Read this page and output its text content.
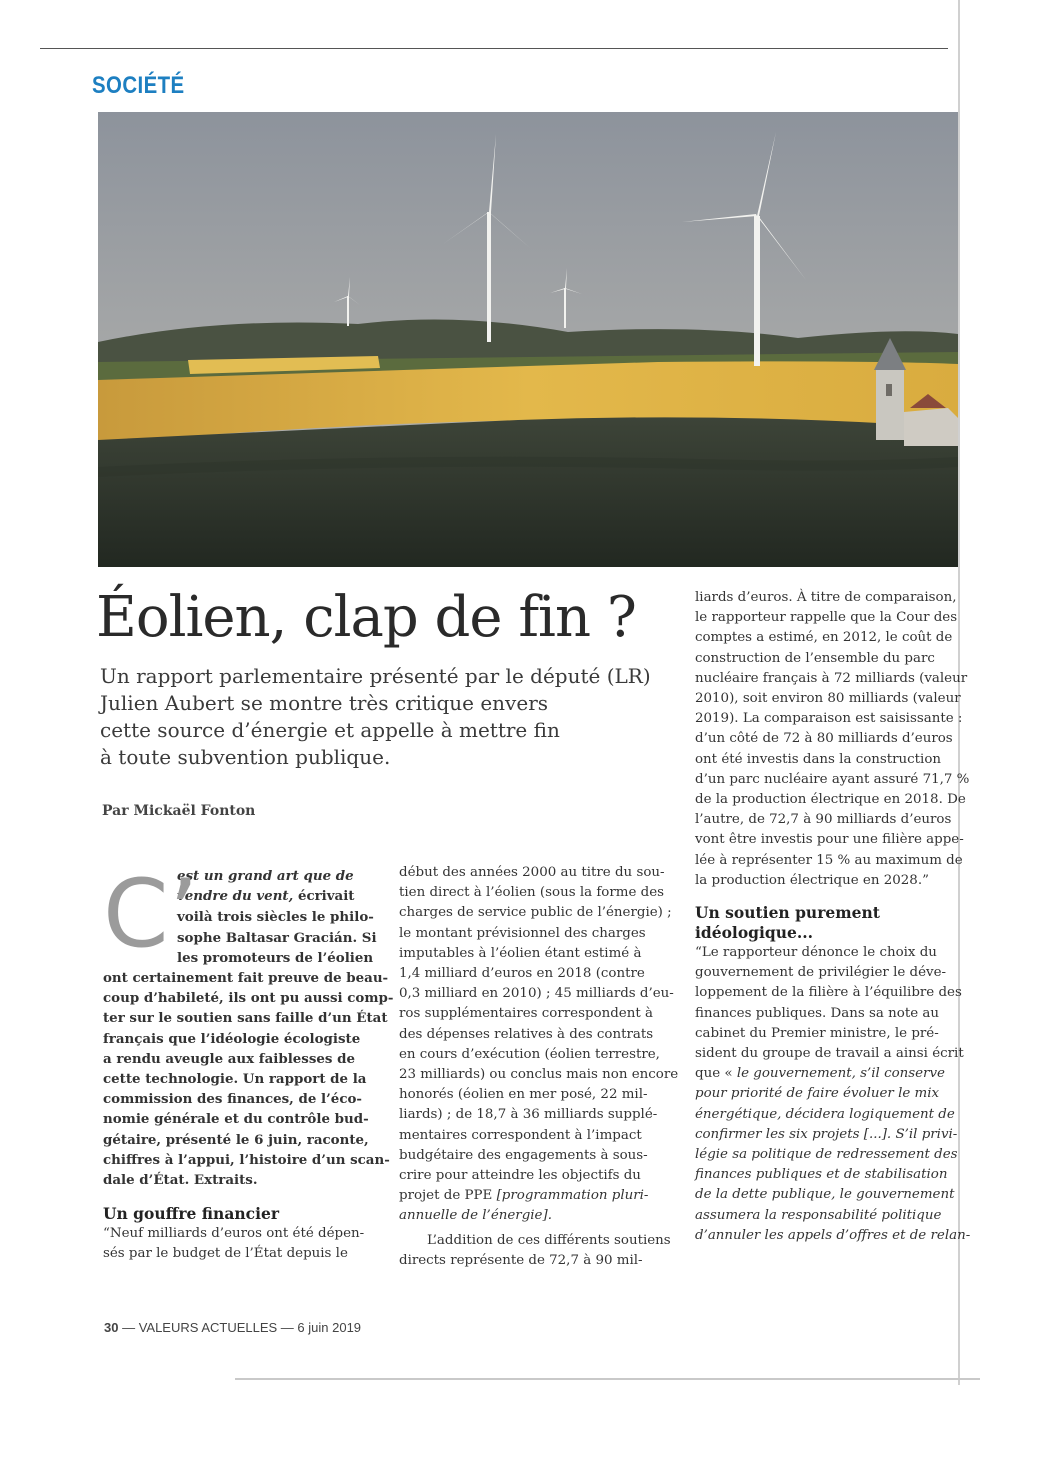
SOCIÉTÉ
Éolien, clap de fin ?
Un rapport parlementaire présenté par le député (LR)
Julien Aubert se montre très critique envers
cette source d’énergie et appelle à mettre fin
à toute subvention publique.
Par Mickaël Fonton
C’
est un grand art que de
vendre du vent, écrivait
voilà trois siècles le philo-
sophe Baltasar Gracián. Si
les promoteurs de l’éolien
ont certainement fait preuve de beau-
coup d’habileté, ils ont pu aussi comp-
ter sur le soutien sans faille d’un État
français que l’idéologie écologiste
a rendu aveugle aux faiblesses de
cette technologie. Un rapport de la
commission des finances, de l’éco-
nomie générale et du contrôle bud-
gétaire, présenté le 6 juin, raconte,
chiffres à l’appui, l’histoire d’un scan-
dale d’État. Extraits.
Un gouffre financier
“Neuf milliards d’euros ont été dépen-
sés par le budget de l’État depuis le
début des années 2000 au titre du sou-
tien direct à l’éolien (sous la forme des
charges de service public de l’énergie) ;
le montant prévisionnel des charges
imputables à l’éolien étant estimé à
1,4 milliard d’euros en 2018 (contre
0,3 milliard en 2010) ; 45 milliards d’eu-
ros supplémentaires correspondent à
des dépenses relatives à des contrats
en cours d’exécution (éolien terrestre,
23 milliards) ou conclus mais non encore
honorés (éolien en mer posé, 22 mil-
liards) ; de 18,7 à 36 milliards supplé-
mentaires correspondent à l’impact
budgétaire des engagements à sous-
crire pour atteindre les objectifs du
projet de PPE [programmation pluri-
annuelle de l’énergie].
L’addition de ces différents soutiens
directs représente de 72,7 à 90 mil-
liards d’euros. À titre de comparaison,
le rapporteur rappelle que la Cour des
comptes a estimé, en 2012, le coût de
construction de l’ensemble du parc
nucléaire français à 72 milliards (valeur
2010), soit environ 80 milliards (valeur
2019). La comparaison est saisissante :
d’un côté de 72 à 80 milliards d’euros
ont été investis dans la construction
d’un parc nucléaire ayant assuré 71,7 %
de la production électrique en 2018. De
l’autre, de 72,7 à 90 milliards d’euros
vont être investis pour une filière appe-
lée à représenter 15 % au maximum de
la production électrique en 2028.”
Un soutien purement
idéologique...
“Le rapporteur dénonce le choix du
gouvernement de privilégier le déve-
loppement de la filière à l’équilibre des
finances publiques. Dans sa note au
cabinet du Premier ministre, le pré-
sident du groupe de travail a ainsi écrit
que « le gouvernement, s’il conserve
pour priorité de faire évoluer le mix
énergétique, décidera logiquement de
confirmer les six projets [...]. S’il privi-
légie sa politique de redressement des
finances publiques et de stabilisation
de la dette publique, le gouvernement
assumera la responsabilité politique
d’annuler les appels d’offres et de relan-
30 — VALEURS ACTUELLES — 6 juin 2019
